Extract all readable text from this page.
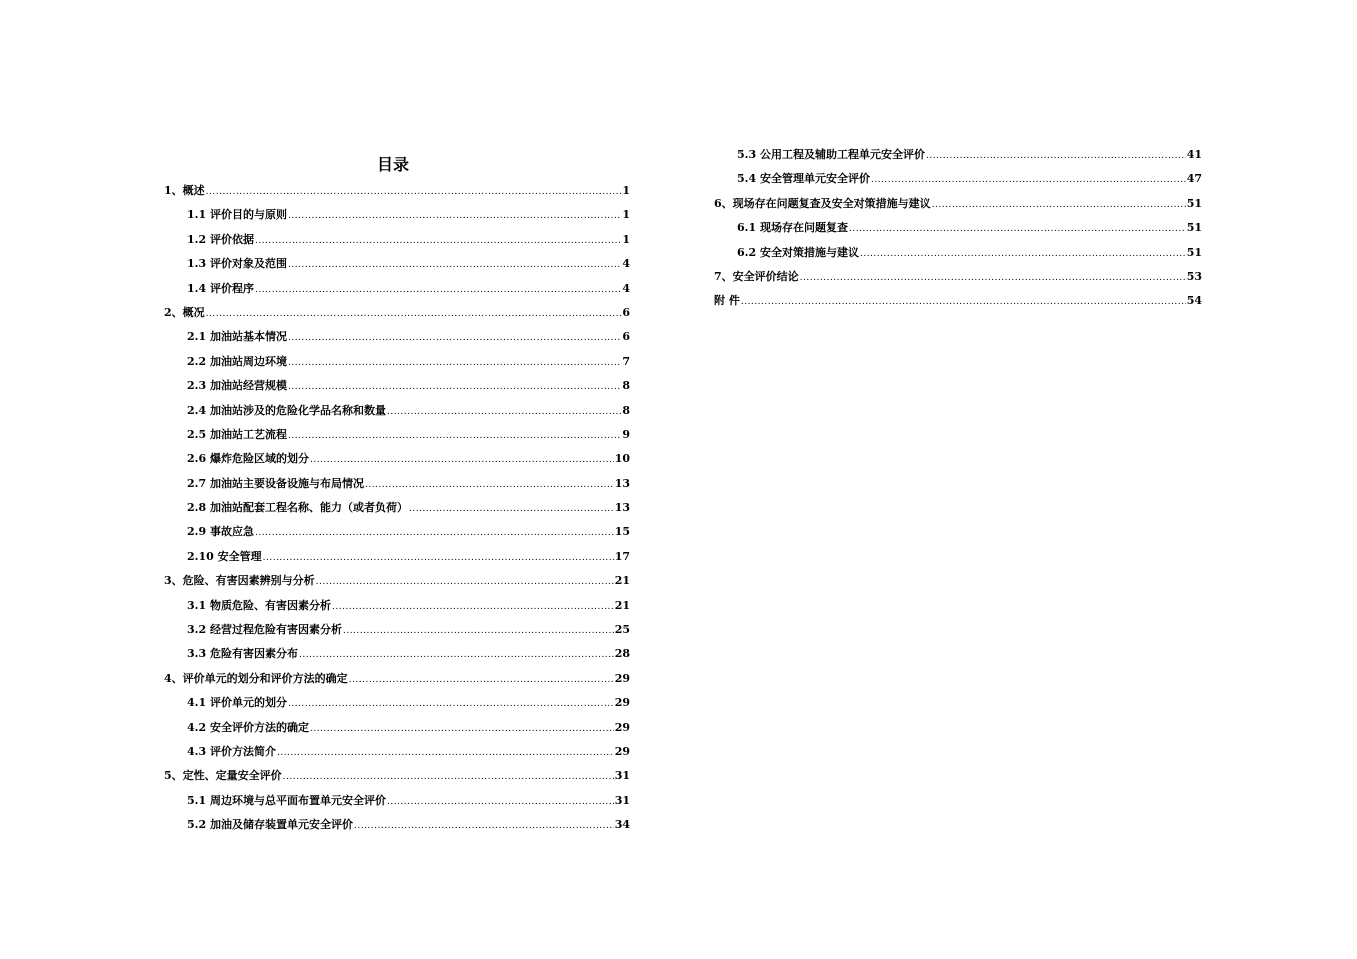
目录
1、概述 .....	1
1.1 评价目的与原则 .....	1
1.2 评价依据 .....	1
1.3 评价对象及范围 .....	4
1.4 评价程序 .....	4
2、概况 .....	6
2.1 加油站基本情况 .....	6
2.2 加油站周边环境 .....	7
2.3 加油站经营规模 .....	8
2.4 加油站涉及的危险化学品名称和数量 .....	8
2.5 加油站工艺流程 .....	9
2.6 爆炸危险区域的划分 .....	10
2.7 加油站主要设备设施与布局情况 .....	13
2.8 加油站配套工程名称、能力（或者负荷） .....	13
2.9 事故应急 .....	15
2.10 安全管理 .....	17
3、危险、有害因素辨别与分析 .....	21
3.1 物质危险、有害因素分析 .....	21
3.2 经营过程危险有害因素分析 .....	25
3.3 危险有害因素分布 .....	28
4、评价单元的划分和评价方法的确定 .....	29
4.1 评价单元的划分 .....	29
4.2 安全评价方法的确定 .....	29
4.3 评价方法简介 .....	29
5、定性、定量安全评价 .....	31
5.1 周边环境与总平面布置单元安全评价 .....	31
5.2 加油及储存装置单元安全评价 .....	34
5.3 公用工程及辅助工程单元安全评价 .....	41
5.4 安全管理单元安全评价 .....	47
6、现场存在问题复查及安全对策措施与建议 .....	51
6.1 现场存在问题复查 .....	51
6.2 安全对策措施与建议 .....	51
7、安全评价结论 .....	53
附 件 .....	54
